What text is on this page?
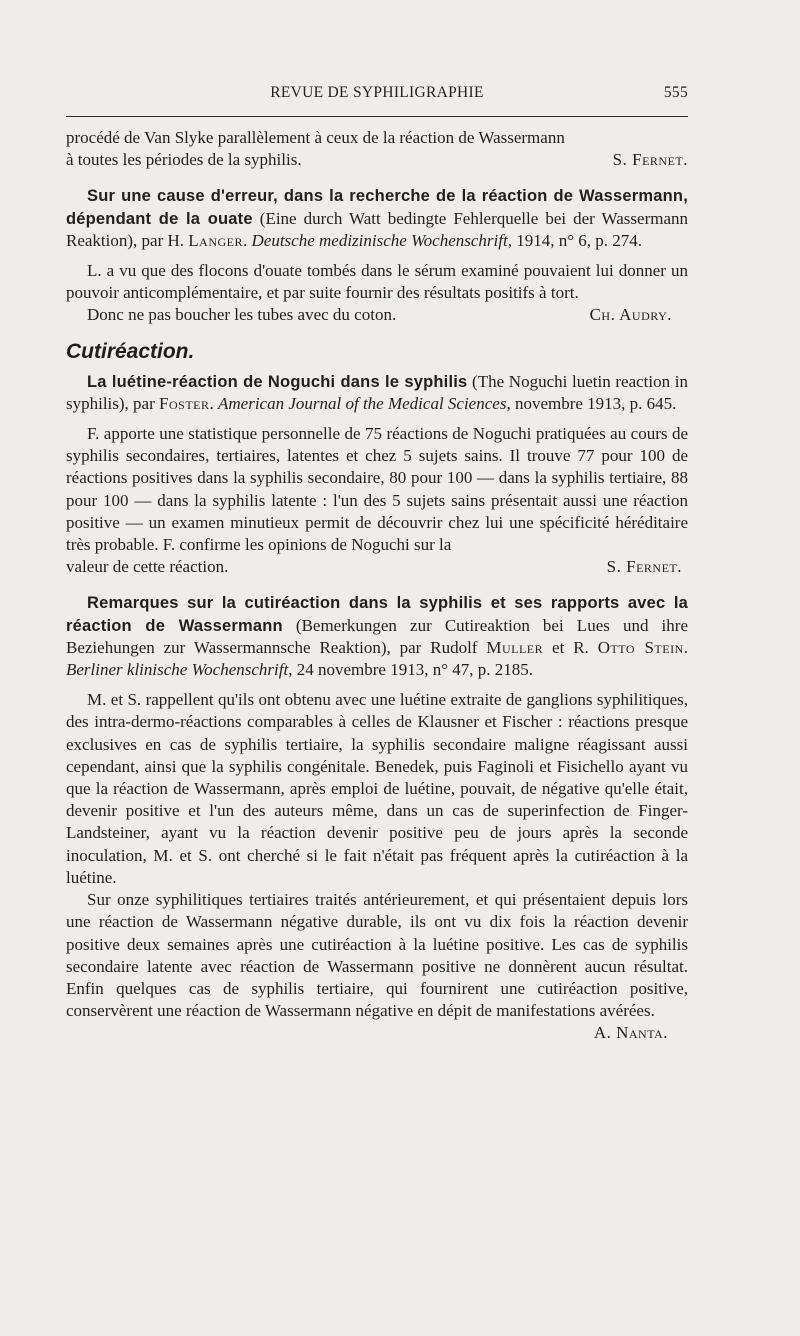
REVUE DE SYPHILIGRAPHIE	555

procédé de Van Slyke parallèlement à ceux de la réaction de Wassermann

à toutes les périodes de la syphilis.	S. Fernet.

Sur une cause d'erreur, dans la recherche de la réaction de Wassermann, dépendant de la ouate (Eine durch Watt bedingte Fehlerquelle bei der Wassermann Reaktion), par H. Langer. Deutsche medizinische Wochenschrift, 1914, n° 6, p. 274.

L. a vu que des flocons d'ouate tombés dans le sérum examiné pouvaient lui donner un pouvoir anticomplémentaire, et par suite fournir des résultats positifs à tort.

Donc ne pas boucher les tubes avec du coton.	Ch. Audry.

Cutiréaction.

La luétine-réaction de Noguchi dans le syphilis (The Noguchi luetin reaction in syphilis), par Foster. American Journal of the Medical Sciences, novembre 1913, p. 645.

F. apporte une statistique personnelle de 75 réactions de Noguchi pratiquées au cours de syphilis secondaires, tertiaires, latentes et chez 5 sujets sains. Il trouve 77 pour 100 de réactions positives dans la syphilis secondaire, 80 pour 100 — dans la syphilis tertiaire, 88 pour 100 — dans la syphilis latente : l'un des 5 sujets sains présentait aussi une réaction positive — un examen minutieux permit de découvrir chez lui une spécificité héréditaire très probable. F. confirme les opinions de Noguchi sur la

valeur de cette réaction.	S. Fernet.

Remarques sur la cutiréaction dans la syphilis et ses rapports avec la réaction de Wassermann (Bemerkungen zur Cutireaktion bei Lues und ihre Beziehungen zur Wassermannsche Reaktion), par Rudolf Muller et R. Otto Stein. Berliner klinische Wochenschrift, 24 novembre 1913, n° 47, p. 2185.

M. et S. rappellent qu'ils ont obtenu avec une luétine extraite de ganglions syphilitiques, des intra-dermo-réactions comparables à celles de Klausner et Fischer : réactions presque exclusives en cas de syphilis tertiaire, la syphilis secondaire maligne réagissant aussi cependant, ainsi que la syphilis congénitale. Benedek, puis Faginoli et Fisichello ayant vu que la réaction de Wassermann, après emploi de luétine, pouvait, de négative qu'elle était, devenir positive et l'un des auteurs même, dans un cas de superinfection de Finger-Landsteiner, ayant vu la réaction devenir positive peu de jours après la seconde inoculation, M. et S. ont cherché si le fait n'était pas fréquent après la cutiréaction à la luétine.

Sur onze syphilitiques tertiaires traités antérieurement, et qui présentaient depuis lors une réaction de Wassermann négative durable, ils ont vu dix fois la réaction devenir positive deux semaines après une cutiréaction à la luétine positive. Les cas de syphilis secondaire latente avec réaction de Wassermann positive ne donnèrent aucun résultat. Enfin quelques cas de syphilis tertiaire, qui fournirent une cutiréaction positive, conservèrent une réaction de Wassermann négative en dépit de manifestations avérées.

A. Nanta.
